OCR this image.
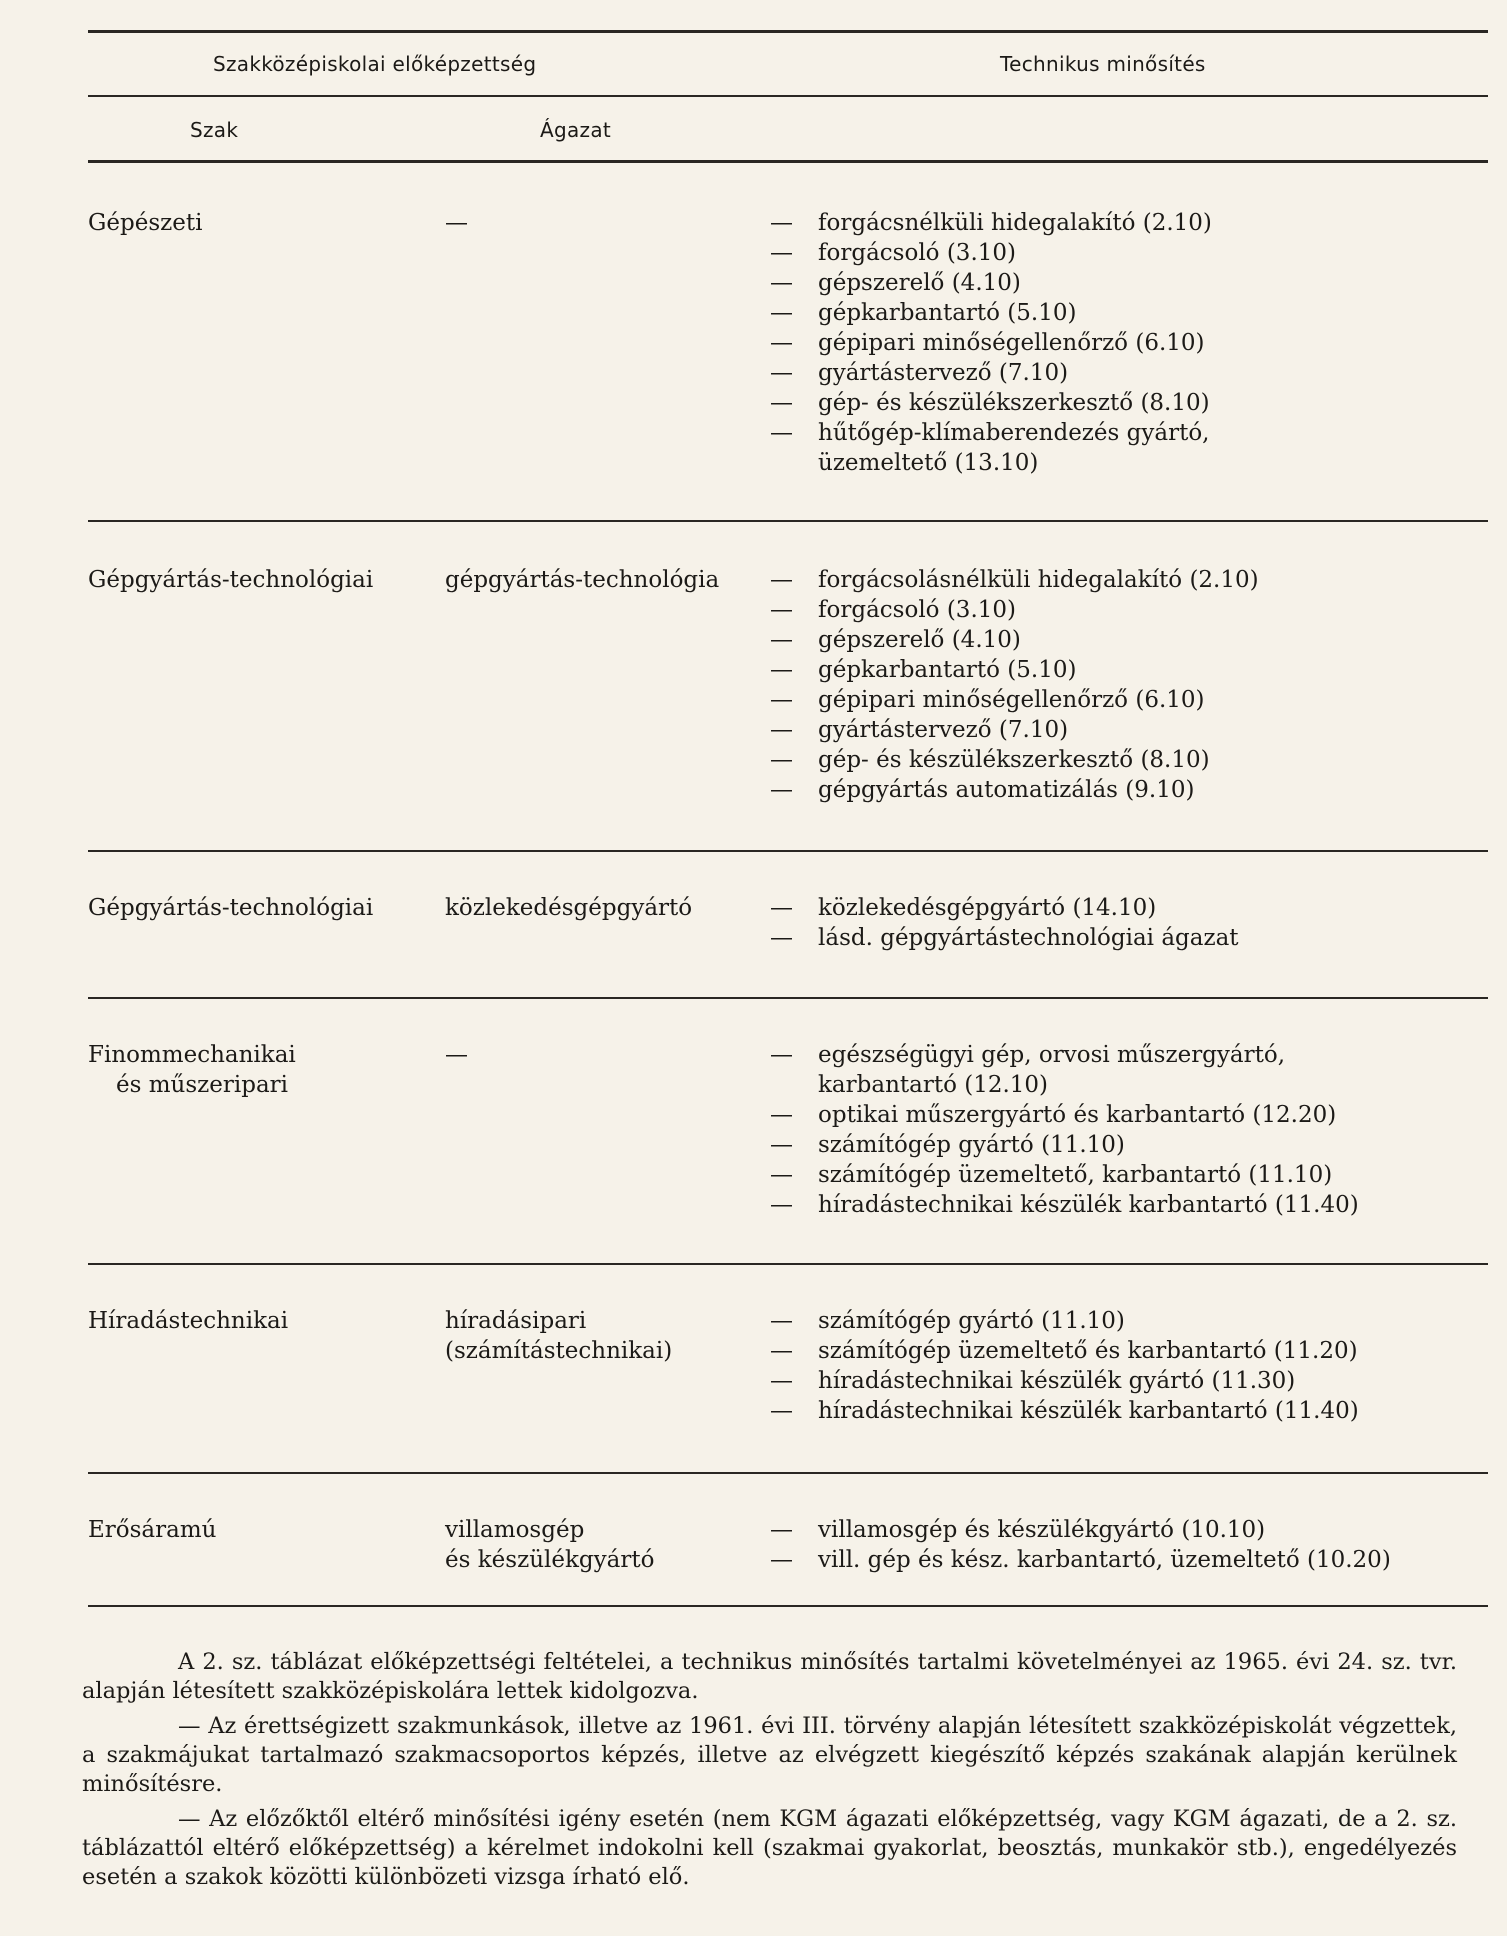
Szakközépiskolai előképzettség	Technikus minősítés
Szak	Ágazat
Gépészeti	—	— forgácsnélküli hidegalakító (2.10)
— forgácsoló (3.10)
— gépszerelő (4.10)
— gépkarbantartó (5.10)
— gépipari minőségellenőrző (6.10)
— gyártástervező (7.10)
— gép- és készülékszerkesztő (8.10)
— hűtőgép-klímaberendezés gyártó,
üzemeltető (13.10)
Gépgyártás-technológiai	gépgyártás-technológia	— forgácsolásnélküli hidegalakító (2.10)
— forgácsoló (3.10)
— gépszerelő (4.10)
— gépkarbantartó (5.10)
— gépipari minőségellenőrző (6.10)
— gyártástervező (7.10)
— gép- és készülékszerkesztő (8.10)
— gépgyártás automatizálás (9.10)
Gépgyártás-technológiai	közlekedésgépgyártó	— közlekedésgépgyártó (14.10)
— lásd. gépgyártástechnológiai ágazat
Finommechanikai
és műszeripari
—	— egészségügyi gép, orvosi műszergyártó,
karbantartó (12.10)
— optikai műszergyártó és karbantartó (12.20)
— számítógép gyártó (11.10)
— számítógép üzemeltető, karbantartó (11.10)
— híradástechnikai készülék karbantartó (11.40)
Híradástechnikai	híradásipari
(számítástechnikai)
— számítógép gyártó (11.10)
— számítógép üzemeltető és karbantartó (11.20)
— híradástechnikai készülék gyártó (11.30)
— híradástechnikai készülék karbantartó (11.40)
Erősáramú	villamosgép
és készülékgyártó
— villamosgép és készülékgyártó (10.10)
— vill. gép és kész. karbantartó, üzemeltető (10.20)

A 2. sz. táblázat előképzettségi feltételei, a technikus minősítés tartalmi követelményei az 1965. évi 24. sz. tvr. alapján létesített szakközépiskolára lettek kidolgozva.

— Az érettségizett szakmunkások, illetve az 1961. évi III. törvény alapján létesített szakközépiskolát végzettek, a szakmájukat tartalmazó szakmacsoportos képzés, illetve az elvégzett kiegészítő képzés szakának alapján kerülnek minősítésre.

— Az előzőktől eltérő minősítési igény esetén (nem KGM ágazati előképzettség, vagy KGM ágazati, de a 2. sz. táblázattól eltérő előképzettség) a kérelmet indokolni kell (szakmai gyakorlat, beosztás, munkakör stb.), engedélyezés esetén a szakok közötti különbözeti vizsga írható elő.
